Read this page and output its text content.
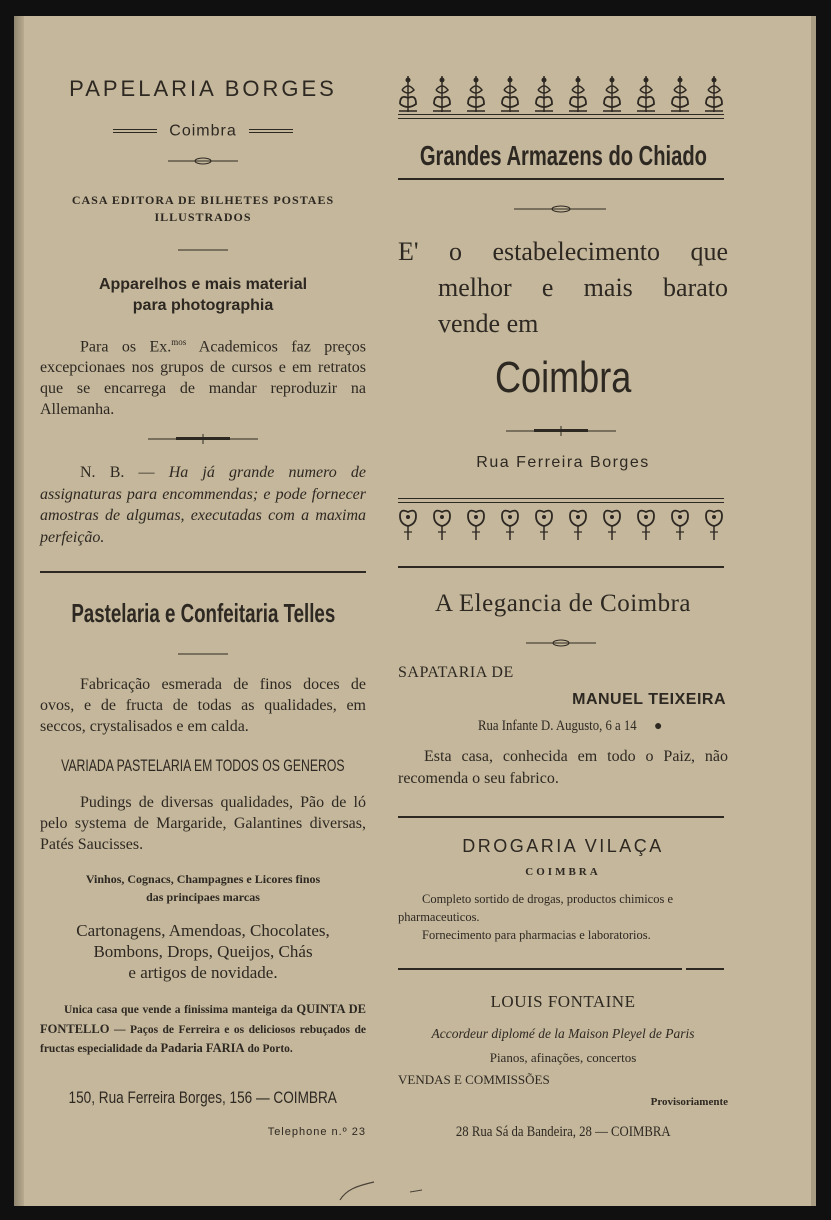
PAPELARIA BORGES
Coimbra
CASA EDITORA DE BILHETES POSTAES ILLUSTRADOS
Apparelhos e mais material para photographia
Para os Ex.$^{mos}$ Academicos faz preços excepcionaes nos grupos de cursos e em retratos que se encarrega de mandar reproduzir na Allemanha.
N. B. — Ha já grande numero de assignaturas para encommendas; e pode fornecer amostras de algumas, executadas com a maxima perfeição.
Pastelaria e Confeitaria Telles
Fabricação esmerada de finos doces de ovos, e de fructa de todas as qualidades, em seccos, crystalisados e em calda.
VARIADA PASTELARIA EM TODOS OS GENEROS
Pudings de diversas qualidades, Pão de ló pelo systema de Margaride, Galantines diversas, Patés Saucisses.
Vinhos, Cognacs, Champagnes e Licores finos
das principaes marcas
Cartonagens, Amendoas, Chocolates,
Bombons, Drops, Queijos, Chás
e artigos de novidade.
Unica casa que vende a finissima manteiga da QUINTA DE FONTELLO — Paços de Ferreira e os deliciosos rebuçados de fructas especialidade da Padaria FARIA do Porto.
150, Rua Ferreira Borges, 156 — COIMBRA
Telephone n.º 23
Grandes Armazens do Chiado
E' o estabelecimento que
melhor e mais barato
vende em
Coimbra
Rua Ferreira Borges
A Elegancia de Coimbra
SAPATARIA DE
MANUEL TEIXEIRA
Rua Infante D. Augusto, 6 a 14 ●
Esta casa, conhecida em todo o Paiz, não recomenda o seu fabrico.
DROGARIA VILAÇA
COIMBRA
Completo sortido de drogas, productos chimicos e pharmaceuticos.
Fornecimento para pharmacias e laboratorios.
LOUIS FONTAINE
Accordeur diplomé de la Maison Pleyel de Paris
Pianos, afinações, concertos
VENDAS E COMMISSÕES
Provisoriamente
28 Rua Sá da Bandeira, 28 — COIMBRA
